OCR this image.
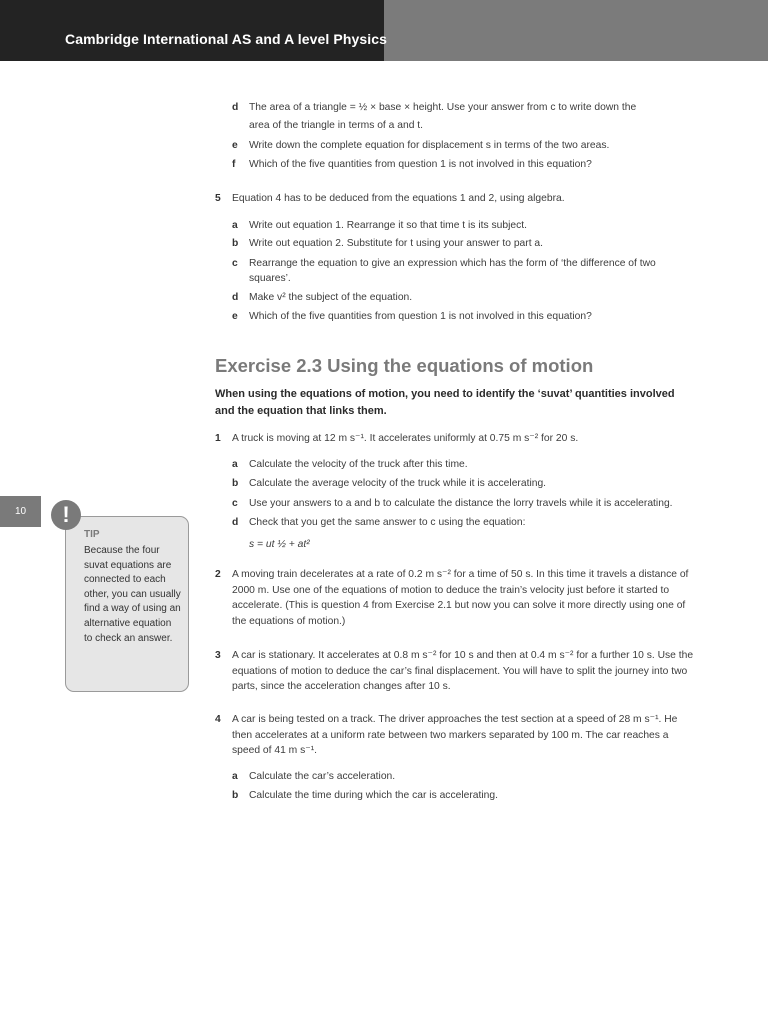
Cambridge International AS and A level Physics
10
TIP
Because the four suvat equations are connected to each other, you can usually find a way of using an alternative equation to check an answer.
!
d The area of a triangle = ½ × base × height. Use your answer from c to write down the
area of the triangle in terms of a and t.
e Write down the complete equation for displacement s in terms of the two areas.
f Which of the five quantities from question 1 is not involved in this equation?
5 Equation 4 has to be deduced from the equations 1 and 2, using algebra.
a Write out equation 1. Rearrange it so that time t is its subject.
b Write out equation 2. Substitute for t using your answer to part a.
c Rearrange the equation to give an expression which has the form of ‘the difference of two
squares’.
d Make v² the subject of the equation.
e Which of the five quantities from question 1 is not involved in this equation?
Exercise 2.3 Using the equations of motion
When using the equations of motion, you need to identify the ‘suvat’ quantities involved and the equation that links them.
1 A truck is moving at 12 m s⁻¹. It accelerates uniformly at 0.75 m s⁻² for 20 s.
a Calculate the velocity of the truck after this time.
b Calculate the average velocity of the truck while it is accelerating.
c Use your answers to a and b to calculate the distance the lorry travels while it is accelerating.
d Check that you get the same answer to c using the equation:
s = ut ½ + at²
2 A moving train decelerates at a rate of 0.2 m s⁻² for a time of 50 s. In this time it travels a distance of 2000 m. Use one of the equations of motion to deduce the train’s velocity just before it started to accelerate. (This is question 4 from Exercise 2.1 but now you can solve it more directly using one of the equations of motion.)
3 A car is stationary. It accelerates at 0.8 m s⁻² for 10 s and then at 0.4 m s⁻² for a further 10 s. Use the equations of motion to deduce the car’s final displacement. You will have to split the journey into two parts, since the acceleration changes after 10 s.
4 A car is being tested on a track. The driver approaches the test section at a speed of 28 m s⁻¹. He then accelerates at a uniform rate between two markers separated by 100 m. The car reaches a speed of 41 m s⁻¹.
a Calculate the car’s acceleration.
b Calculate the time during which the car is accelerating.
